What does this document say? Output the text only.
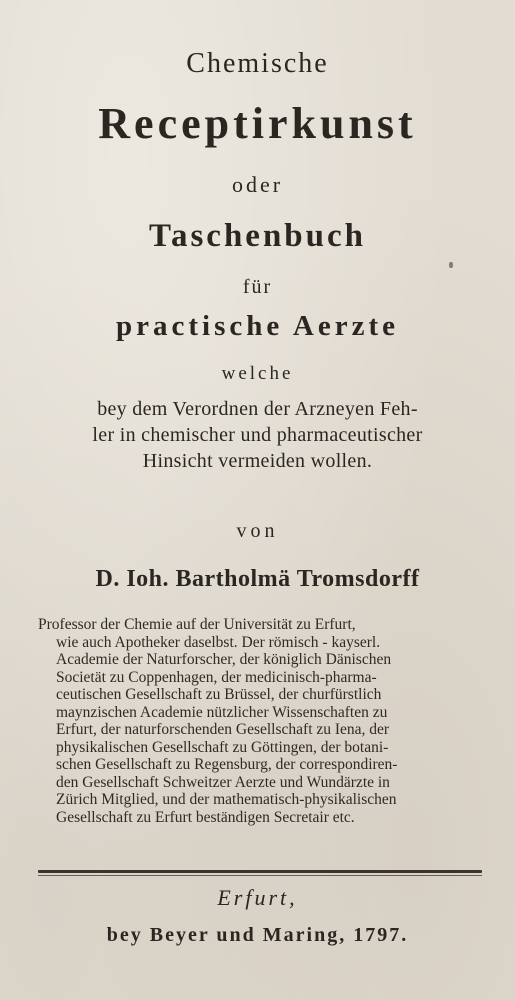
Chemische
Receptirkunst
oder
Taschenbuch
für
practische Aerzte
welche
bey dem Verordnen der Arzneyen Feh-
ler in chemischer und pharmaceutischer
Hinsicht vermeiden wollen.
von
D. Ioh. Bartholmä Tromsdorff
Professor der Chemie auf der Universität zu Erfurt,
wie auch Apotheker daselbst. Der römisch - kayserl.
Academie der Naturforscher, der königlich Dänischen
Societät zu Coppenhagen, der medicinisch-pharma-
ceutischen Gesellschaft zu Brüssel, der churfürstlich
maynzischen Academie nützlicher Wissenschaften zu
Erfurt, der naturforschenden Gesellschaft zu Iena, der
physikalischen Gesellschaft zu Göttingen, der botani-
schen Gesellschaft zu Regensburg, der correspondiren-
den Gesellschaft Schweitzer Aerzte und Wundärzte in
Zürich Mitglied, und der mathematisch-physikalischen
Gesellschaft zu Erfurt beständigen Secretair etc.
Erfurt,
bey Beyer und Maring, 1797.
